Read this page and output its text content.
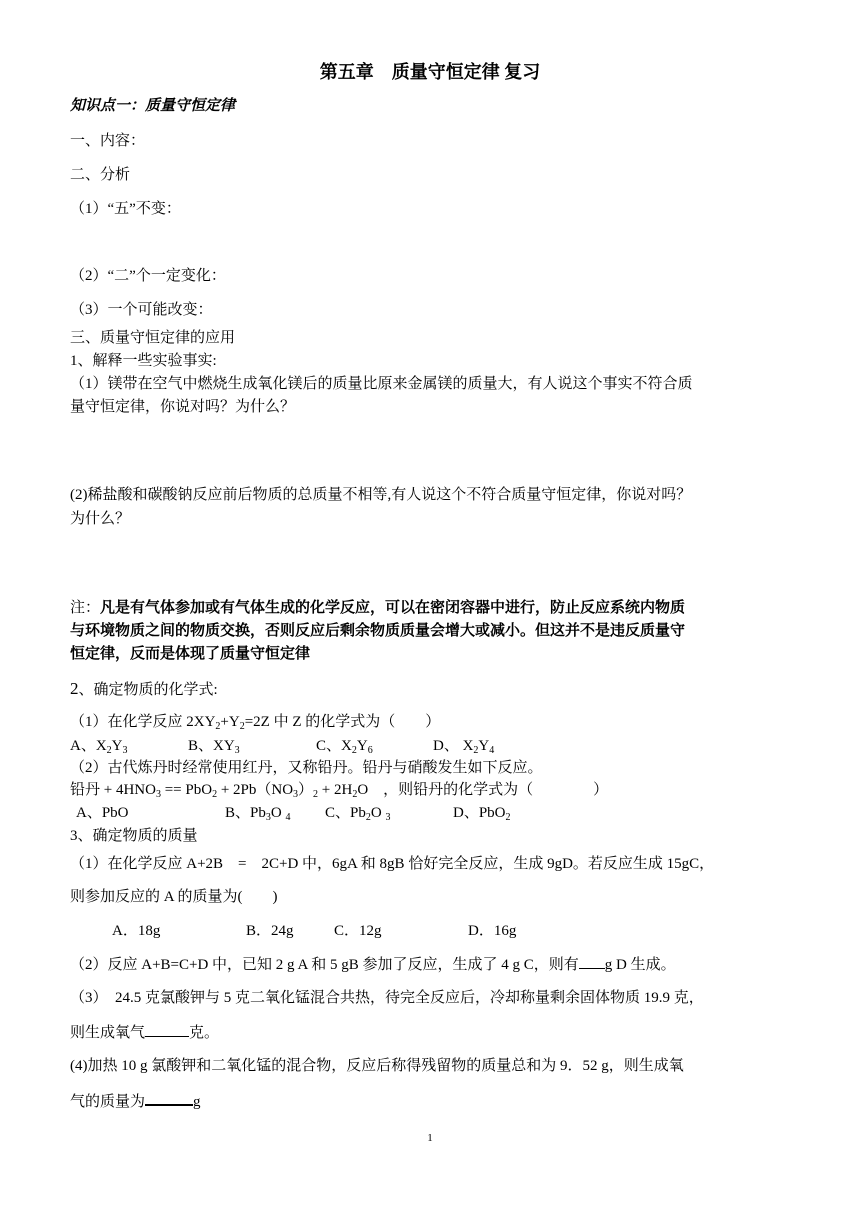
第五章　质量守恒定律 复习
知识点一：质量守恒定律
一、内容：
二、分析
（1）“五”不变：
（2）“二”个一定变化：
（3）一个可能改变：
三、质量守恒定律的应用
1、解释一些实验事实:
（1）镁带在空气中燃烧生成氧化镁后的质量比原来金属镁的质量大，有人说这个事实不符合质
量守恒定律，你说对吗？为什么？
(2)稀盐酸和碳酸钠反应前后物质的总质量不相等,有人说这个不符合质量守恒定律，你说对吗？
为什么？
注：凡是有气体参加或有气体生成的化学反应，可以在密闭容器中进行，防止反应系统内物质
与环境物质之间的物质交换，否则反应后剩余物质质量会增大或减小。但这并不是违反质量守
恒定律，反而是体现了质量守恒定律
2、确定物质的化学式:
（1）在化学反应 $2XY_2+Y_2=2Z$ 中 Z 的化学式为（　　）
A、$X_2Y_3$	B、$XY_3$	C、$X_2Y_6$	D、 $X_2Y_4$
（2）古代炼丹时经常使用红丹，又称铅丹。铅丹与硝酸发生如下反应。
铅丹 + $4HNO_3 == PbO_2 + 2Pb(NO_3)_2 + 2H_2O$　，则铅丹的化学式为（　　　　）
A、PbO	B、$Pb_3O$ $_4$ C、$Pb_2O$ $_3$	D、PbO$_2$
3、确定物质的质量
（1）在化学反应 A+2B　=　2C+D 中，6gA 和 8gB 恰好完全反应，生成 9gD。若反应生成 15gC，
则参加反应的 A 的质量为(　　)
A．18g	B．24g	C．12g	D．16g
（2）反应 A+B=C+D 中，已知 2 g A 和 5 gB 参加了反应，生成了 4 g C，则有 g D 生成。
（3）　24.5 克氯酸钾与 5 克二氧化锰混合共热，待完全反应后，冷却称量剩余固体物质 19.9 克，
则生成氧气	克。
(4)加热 10 g 氯酸钾和二氧化锰的混合物，反应后称得残留物的质量总和为 9．52 g，则生成氧
气的质量为	g
1
